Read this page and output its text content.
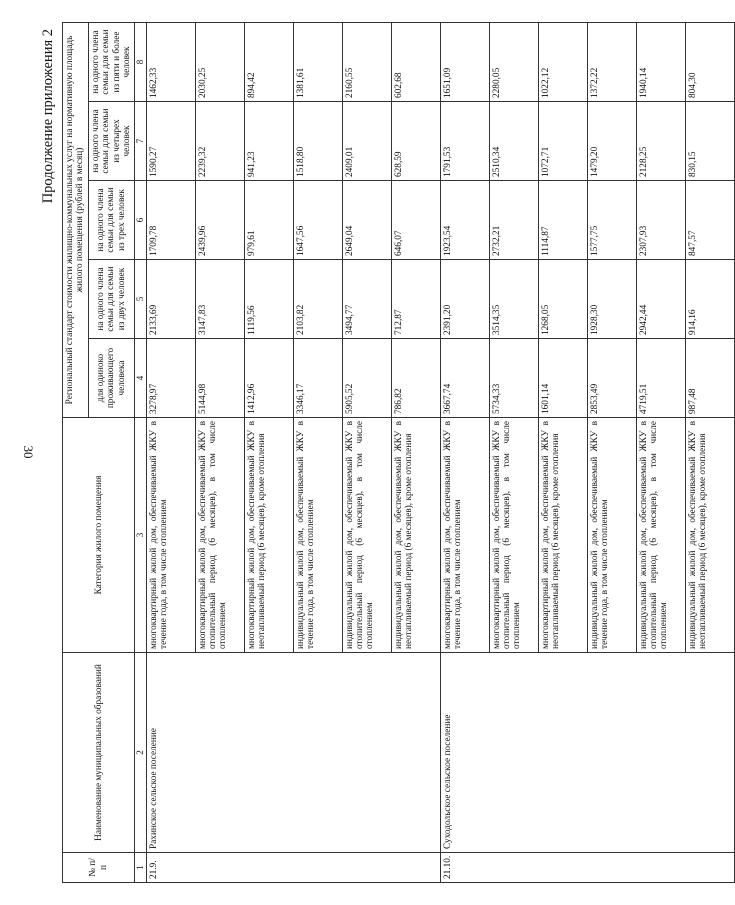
30
Продолжение приложения 2
№ п/п	Наименование муниципальных образований	Категория жилого помещения	Региональный стандарт стоимости жилищно-коммунальных услуг на нормативную площадь жилого помещения (рублей в месяц)				
			для одиноко проживающего человека	на одного члена семьи для семьи из двух человек	на одного члена семьи для семьи из трех человек	на одного члена семьи для семьи из четырех человек	на одного члена семьи для семьи из пяти и более человек
1	2	3	4	5	6	7	8
21.9.	Рахинское сельское поселение	многоквартирный жилой дом, обеспечиваемый ЖКУ в течение года, в том числе отоплением	3278,97	2133,69	1709,78	1590,27	1462,33
		многоквартирный жилой дом, обеспечиваемый ЖКУ в отопительный период (6 месяцев), в том числе отоплением	5144,98	3147,83	2439,96	2239,32	2030,25
		многоквартирный жилой дом, обеспечиваемый ЖКУ в неотапливаемый период (6 месяцев), кроме отопления	1412,96	1119,56	979,61	941,23	894,42
		индивидуальный жилой дом, обеспечиваемый ЖКУ в течение года, в том числе отоплением	3346,17	2103,82	1647,56	1518,80	1381,61
		индивидуальный жилой дом, обеспечиваемый ЖКУ в отопительный период (6 месяцев), в том числе отоплением	5905,52	3494,77	2649,04	2409,01	2160,55
		индивидуальный жилой дом, обеспечиваемый ЖКУ в неотапливаемый период (6 месяцев), кроме отопления	786,82	712,87	646,07	628,59	602,68
21.10.	Суходольское сельское поселение	многоквартирный жилой дом, обеспечиваемый ЖКУ в течение года, в том числе отоплением	3667,74	2391,20	1923,54	1791,53	1651,09
		многоквартирный жилой дом, обеспечиваемый ЖКУ в отопительный период (6 месяцев), в том числе отоплением	5734,33	3514,35	2732,21	2510,34	2280,05
		многоквартирный жилой дом, обеспечиваемый ЖКУ в неотапливаемый период (6 месяцев), кроме отопления	1601,14	1268,05	1114,87	1072,71	1022,12
		индивидуальный жилой дом, обеспечиваемый ЖКУ в течение года, в том числе отоплением	2853,49	1928,30	1577,75	1479,20	1372,22
		индивидуальный жилой дом, обеспечиваемый ЖКУ в отопительный период (6 месяцев), в том числе отоплением	4719,51	2942,44	2307,93	2128,25	1940,14
		индивидуальный жилой дом, обеспечиваемый ЖКУ в неотапливаемый период (6 месяцев), кроме отопления	987,48	914,16	847,57	830,15	804,30
